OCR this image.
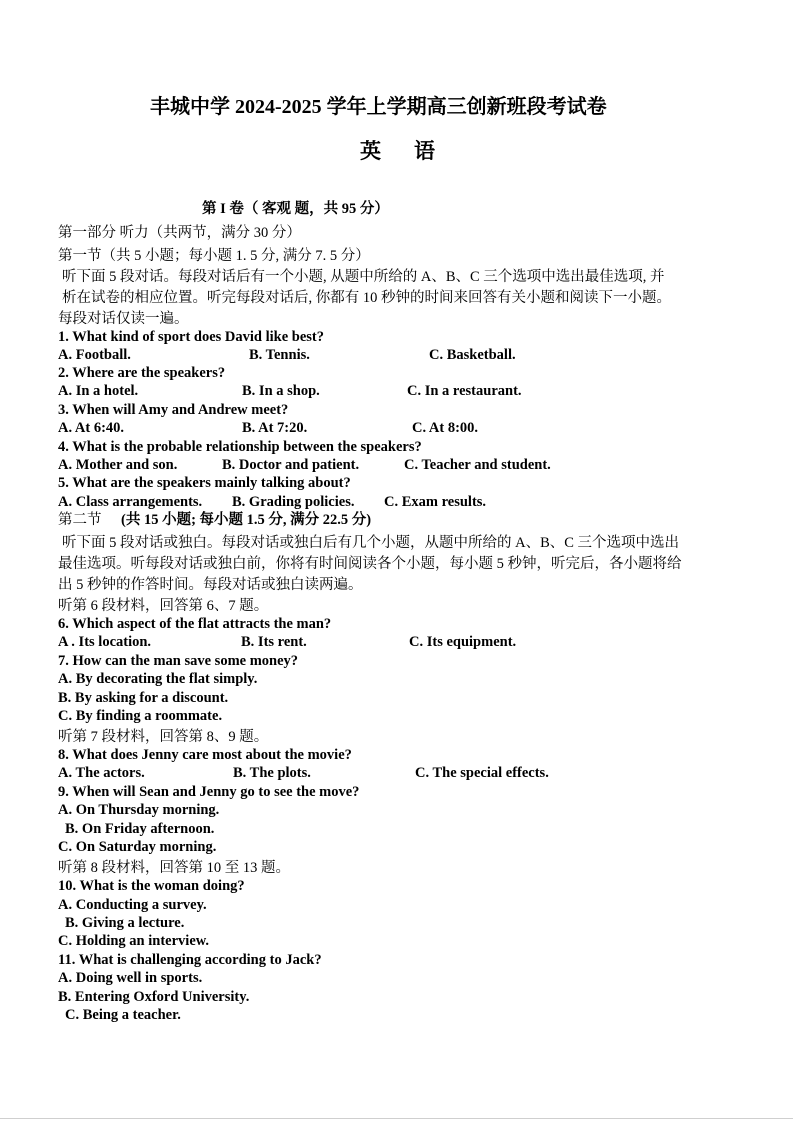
丰城中学 2024-2025 学年上学期高三创新班段考试卷
英 语
第 I 卷（ 客观 题，共 95 分）
第一部分 听力（共两节，满分 30 分）
第一节（共 5 小题；每小题 1. 5 分, 满分 7. 5 分）
听下面 5 段对话。每段对话后有一个小题, 从题中所给的 A、B、C 三个选项中选出最佳选项, 并
析在试卷的相应位置。听完每段对话后, 你都有 10 秒钟的时间来回答有关小题和阅读下一小题。
每段对话仅读一遍。
1. What kind of sport does David like best?
A. Football.	B. Tennis.	C. Basketball.
2. Where are the speakers?
A. In a hotel.	B. In a shop.	C. In a restaurant.
3. When will Amy and Andrew meet?
A. At 6:40.	B. At 7:20.	C. At 8:00.
4. What is the probable relationship between the speakers?
A. Mother and son.	B. Doctor and patient.	C. Teacher and student.
5. What are the speakers mainly talking about?
A. Class arrangements. B. Grading policies. C. Exam results.
第二节 (共 15 小题; 每小题 1.5 分, 满分 22.5 分)
听下面 5 段对话或独白。每段对话或独白后有几个小题，从题中所给的 A、B、C 三个选项中选出
最佳选项。听每段对话或独白前，你将有时间阅读各个小题，每小题 5 秒钟，听完后，各小题将给
出 5 秒钟的作答时间。每段对话或独白读两遍。
听第 6 段材料，回答第 6、7 题。
6. Which aspect of the flat attracts the man?
A . Its location.	B. Its rent.	C. Its equipment.
7. How can the man save some money?
A. By decorating the flat simply.
B. By asking for a discount.
C. By finding a roommate.
听第 7 段材料，回答第 8、9 题。
8. What does Jenny care most about the movie?
A. The actors.	B. The plots.	C. The special effects.
9. When will Sean and Jenny go to see the move?
A. On Thursday morning.
B. On Friday afternoon.
C. On Saturday morning.
听第 8 段材料，回答第 10 至 13 题。
10. What is the woman doing?
A. Conducting a survey.
B. Giving a lecture.
C. Holding an interview.
11. What is challenging according to Jack?
A. Doing well in sports.
B. Entering Oxford University.
C. Being a teacher.
